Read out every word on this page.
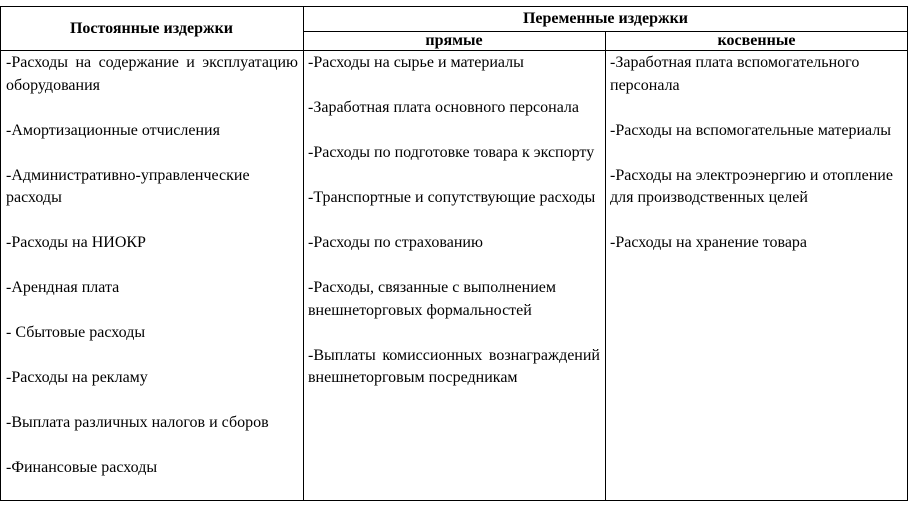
Постоянные издержки
Переменные издержки
прямые	косвенные
-Расходы на содержание и эксплуатацию оборудования
-Амортизационные отчисления
-Административно-управленческие расходы
-Расходы на НИОКР
-Арендная плата
- Сбытовые расходы
-Расходы на рекламу
-Выплата различных налогов и сборов
-Финансовые расходы
-Расходы на сырье и материалы
-Заработная плата основного персонала
-Расходы по подготовке товара к экспорту
-Транспортные и сопутствующие расходы
-Расходы по страхованию
-Расходы, связанные с выполнением внешнеторговых формальностей
-Выплаты комиссионных вознаграждений внешнеторговым посредникам
-Заработная плата вспомогательного персонала
-Расходы на вспомогательные материалы
-Расходы на электроэнергию и отопление для производственных целей
-Расходы на хранение товара
